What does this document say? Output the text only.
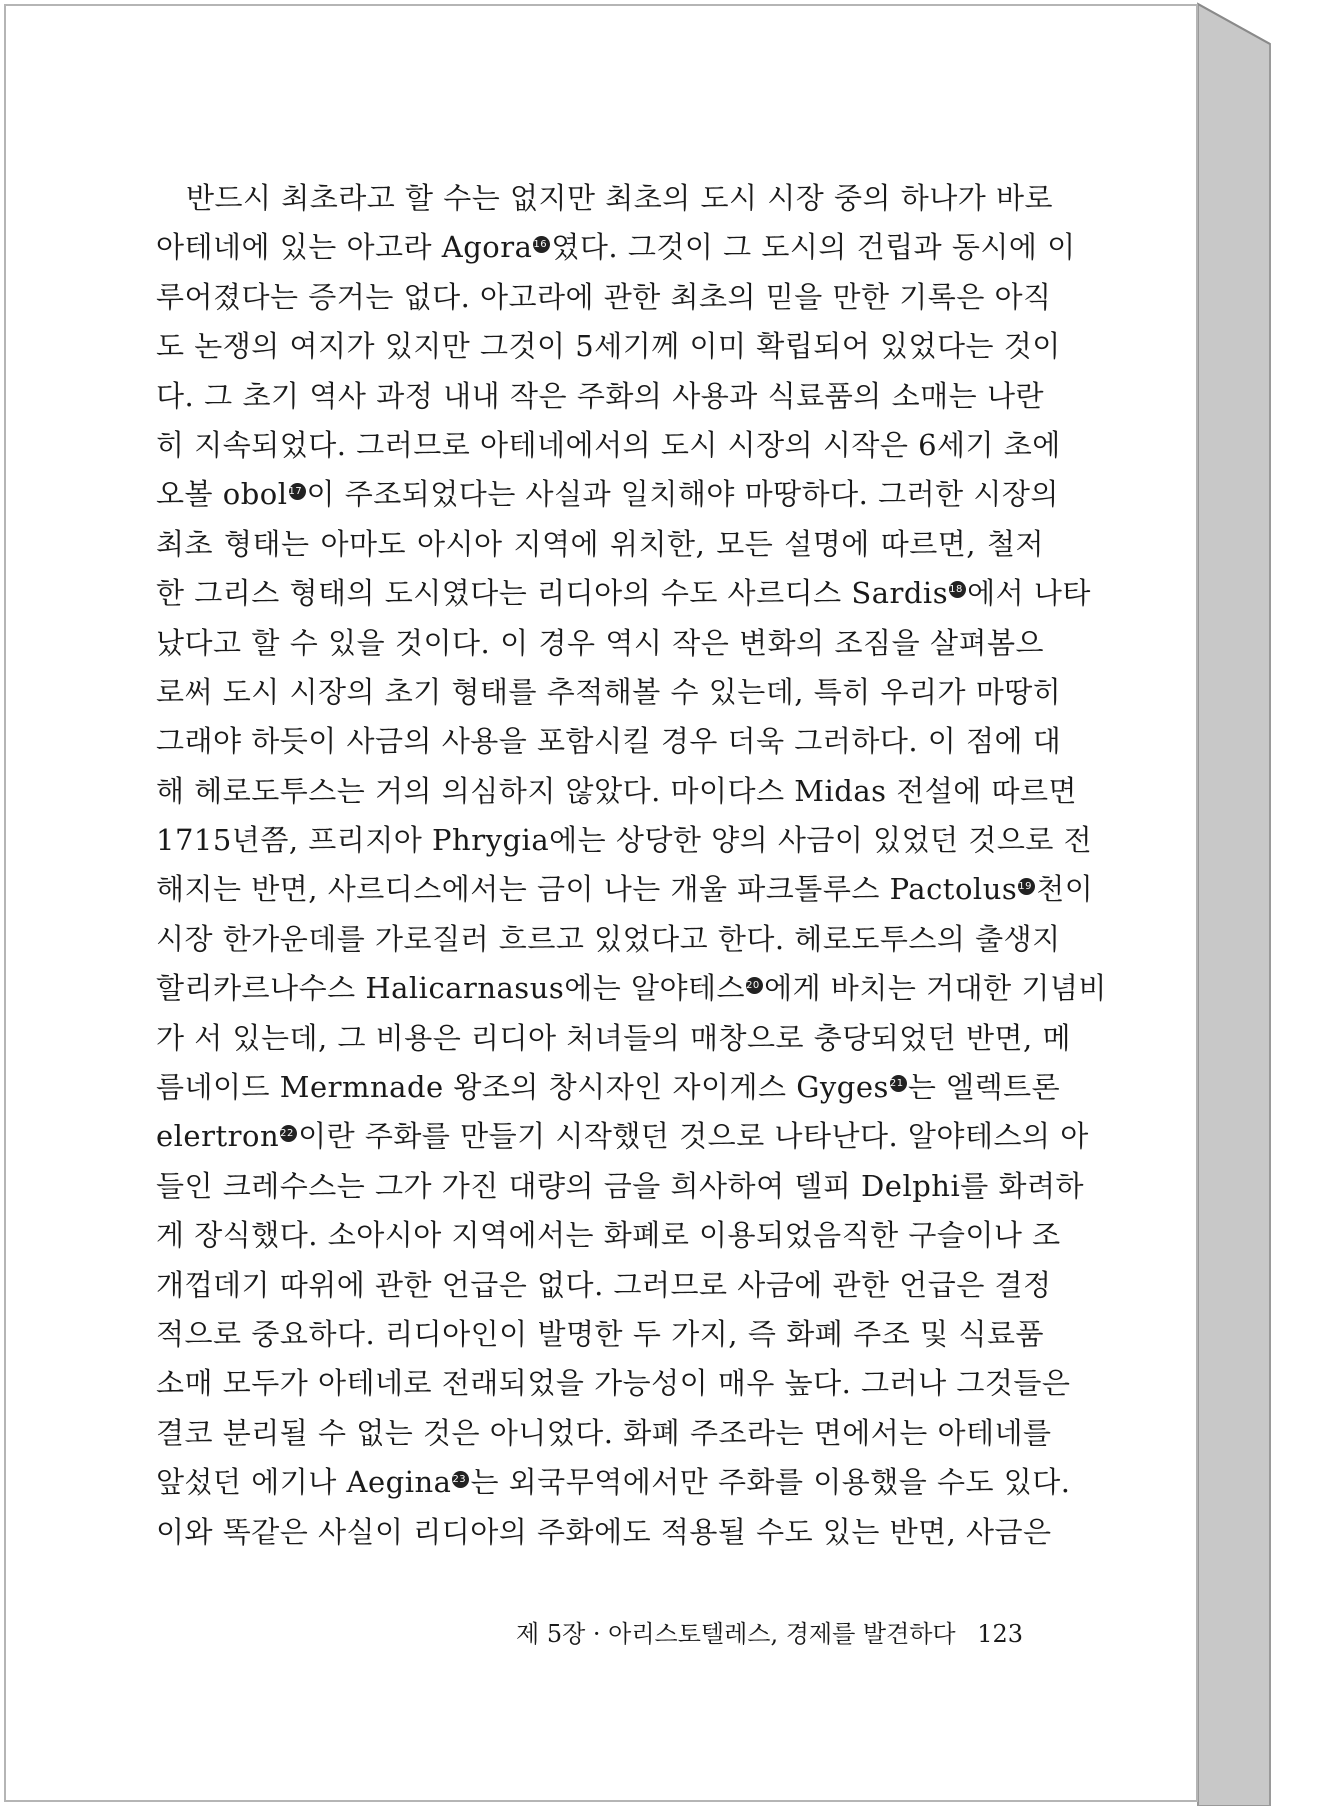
반드시 최초라고 할 수는 없지만 최초의 도시 시장 중의 하나가 바로
아테네에 있는 아고라 Agora$^{16}$ 였다. 그것이 그 도시의 건립과 동시에 이
루어졌다는 증거는 없다. 아고라에 관한 최초의 믿을 만한 기록은 아직
도 논쟁의 여지가 있지만 그것이 5세기께 이미 확립되어 있었다는 것이
다. 그 초기 역사 과정 내내 작은 주화의 사용과 식료품의 소매는 나란
히 지속되었다. 그러므로 아테네에서의 도시 시장의 시작은 6세기 초에
오볼 obol$^{17}$ 이 주조되었다는 사실과 일치해야 마땅하다. 그러한 시장의
최초 형태는 아마도 아시아 지역에 위치한, 모든 설명에 따르면, 철저
한 그리스 형태의 도시였다는 리디아의 수도 사르디스 Sardis$^{18}$ 에서 나타
났다고 할 수 있을 것이다. 이 경우 역시 작은 변화의 조짐을 살펴봄으
로써 도시 시장의 초기 형태를 추적해볼 수 있는데, 특히 우리가 마땅히
그래야 하듯이 사금의 사용을 포함시킬 경우 더욱 그러하다. 이 점에 대
해 헤로도투스는 거의 의심하지 않았다. 마이다스 Midas 전설에 따르면
1715년쯤, 프리지아 Phrygia에는 상당한 양의 사금이 있었던 것으로 전
해지는 반면, 사르디스에서는 금이 나는 개울 파크톨루스 Pactolus$^{19}$ 천이
시장 한가운데를 가로질러 흐르고 있었다고 한다. 헤로도투스의 출생지
할리카르나수스 Halicarnasus에는 알야테스$^{20}$ 에게 바치는 거대한 기념비
가 서 있는데, 그 비용은 리디아 처녀들의 매창으로 충당되었던 반면, 메
름네이드 Mermnade 왕조의 창시자인 자이게스 Gyges$^{21}$ 는 엘렉트론
elertron$^{22}$ 이란 주화를 만들기 시작했던 것으로 나타난다. 알야테스의 아
들인 크레수스는 그가 가진 대량의 금을 희사하여 델피 Delphi를 화려하
게 장식했다. 소아시아 지역에서는 화폐로 이용되었음직한 구슬이나 조
개껍데기 따위에 관한 언급은 없다. 그러므로 사금에 관한 언급은 결정
적으로 중요하다. 리디아인이 발명한 두 가지, 즉 화폐 주조 및 식료품
소매 모두가 아테네로 전래되었을 가능성이 매우 높다. 그러나 그것들은
결코 분리될 수 없는 것은 아니었다. 화폐 주조라는 면에서는 아테네를
앞섰던 에기나 Aegina$^{23}$ 는 외국무역에서만 주화를 이용했을 수도 있다.
이와 똑같은 사실이 리디아의 주화에도 적용될 수도 있는 반면, 사금은
제 5장 · 아리스토텔레스, 경제를 발견하다 123
